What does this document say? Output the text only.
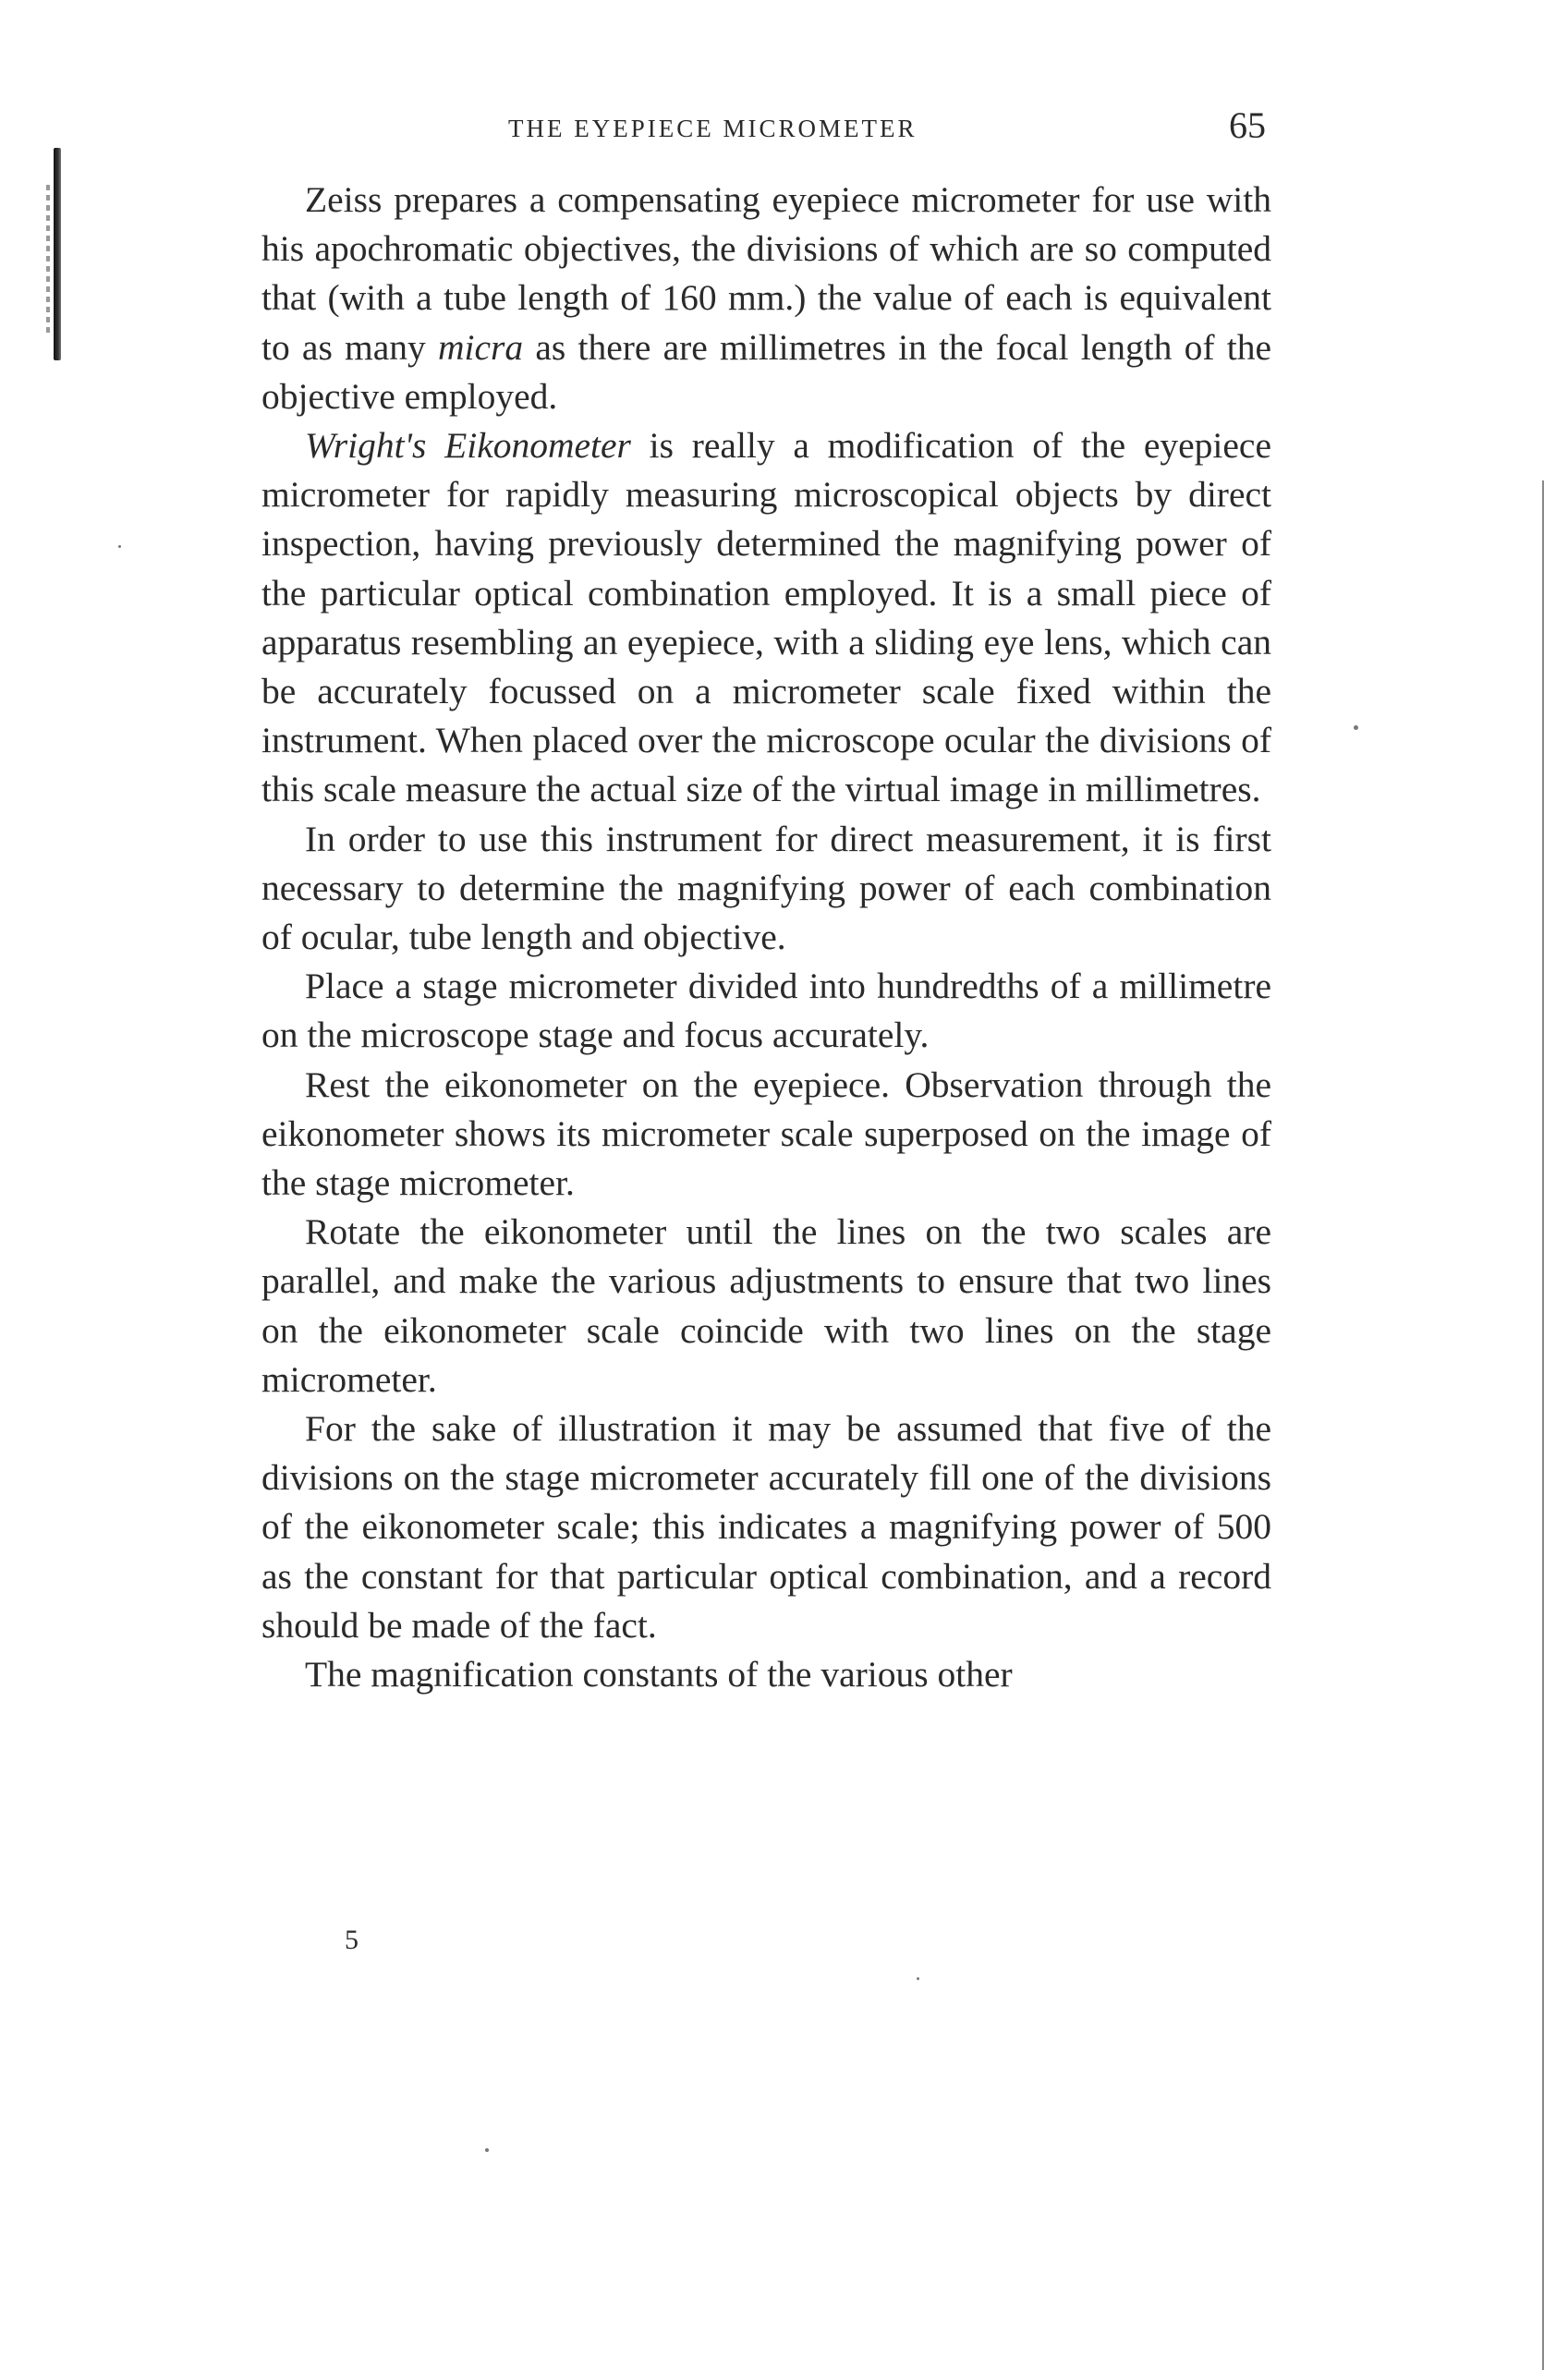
THE EYEPIECE MICROMETER	65

Zeiss prepares a compensating eyepiece micrometer for use with his apochromatic objectives, the divisions of which are so computed that (with a tube length of 160 mm.) the value of each is equivalent to as many micra as there are millimetres in the focal length of the objective employed.

Wright's Eikonometer is really a modification of the eyepiece micrometer for rapidly measuring microscopical objects by direct inspection, having previously determined the magnifying power of the particular optical combination employed. It is a small piece of apparatus resembling an eyepiece, with a sliding eye lens, which can be accurately focussed on a micrometer scale fixed within the instrument. When placed over the microscope ocular the divisions of this scale measure the actual size of the virtual image in millimetres.

In order to use this instrument for direct measurement, it is first necessary to determine the magnifying power of each combination of ocular, tube length and objective.

Place a stage micrometer divided into hundredths of a millimetre on the microscope stage and focus accurately.

Rest the eikonometer on the eyepiece. Observation through the eikonometer shows its micrometer scale superposed on the image of the stage micrometer.

Rotate the eikonometer until the lines on the two scales are parallel, and make the various adjustments to ensure that two lines on the eikonometer scale coincide with two lines on the stage micrometer.

For the sake of illustration it may be assumed that five of the divisions on the stage micrometer accurately fill one of the divisions of the eikonometer scale; this indicates a magnifying power of 500 as the constant for that particular optical combination, and a record should be made of the fact.

The magnification constants of the various other

5
